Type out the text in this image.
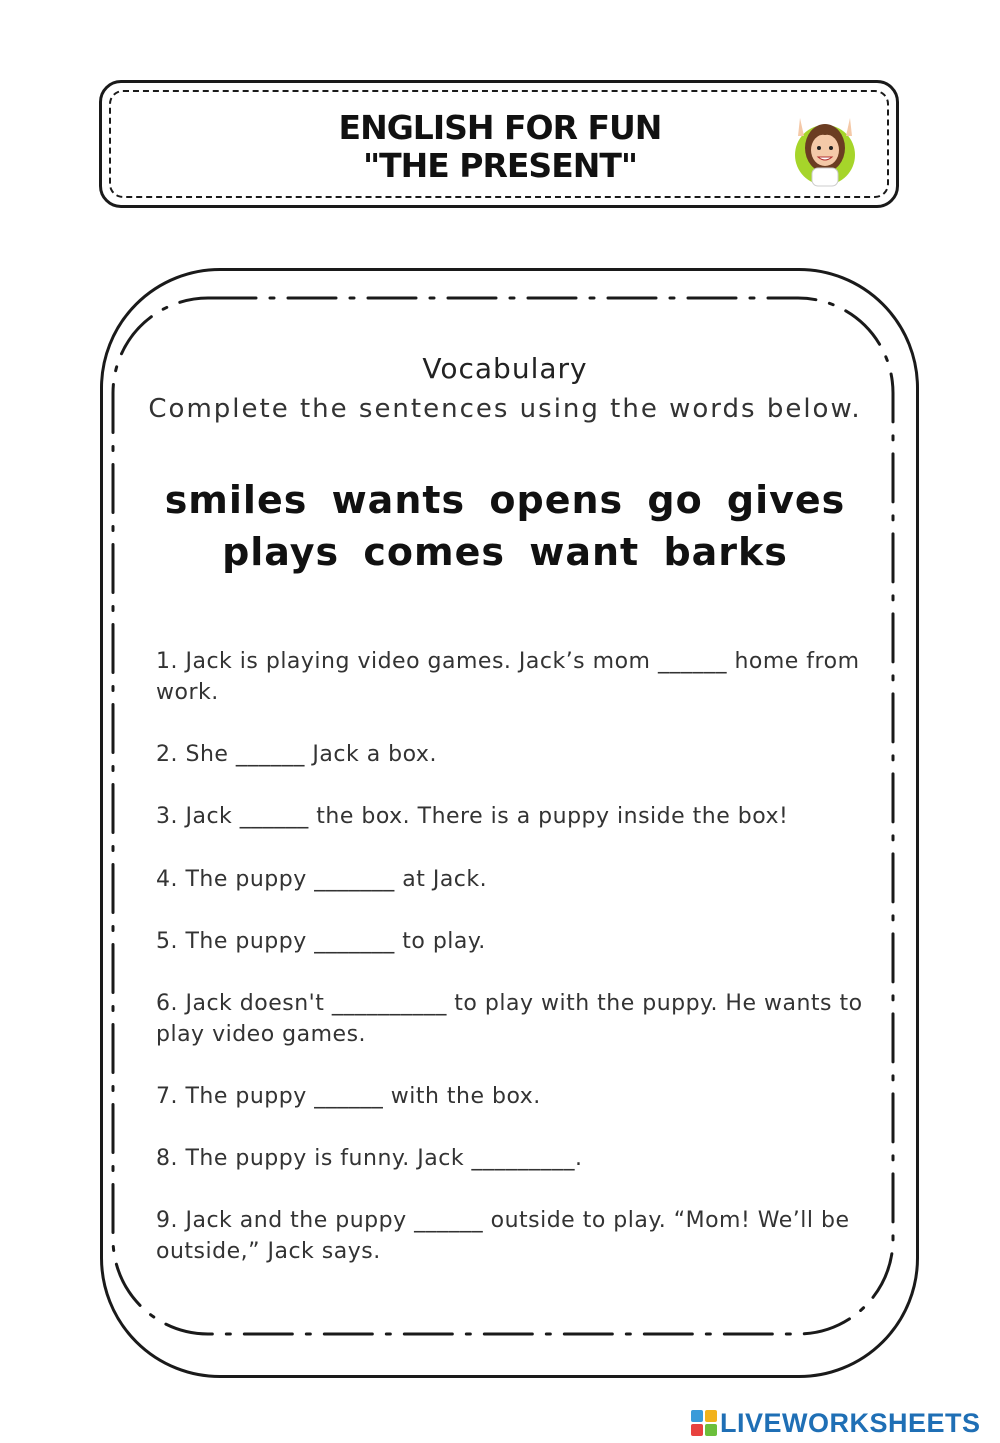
ENGLISH FOR FUN
"THE PRESENT"
Vocabulary
Complete the sentences using the words below.
smiles wants opens go gives
plays comes want barks
1. Jack is playing video games. Jack’s mom ______ home from work.
2. She ______ Jack a box.
3. Jack ______ the box. There is a puppy inside the box!
4. The puppy _______ at Jack.
5. The puppy _______ to play.
6. Jack doesn't __________ to play with the puppy. He wants to play video games.
7. The puppy ______ with the box.
8. The puppy is funny. Jack _________.
9. Jack and the puppy ______ outside to play. “Mom! We’ll be outside,” Jack says.
LIVEWORKSHEETS
